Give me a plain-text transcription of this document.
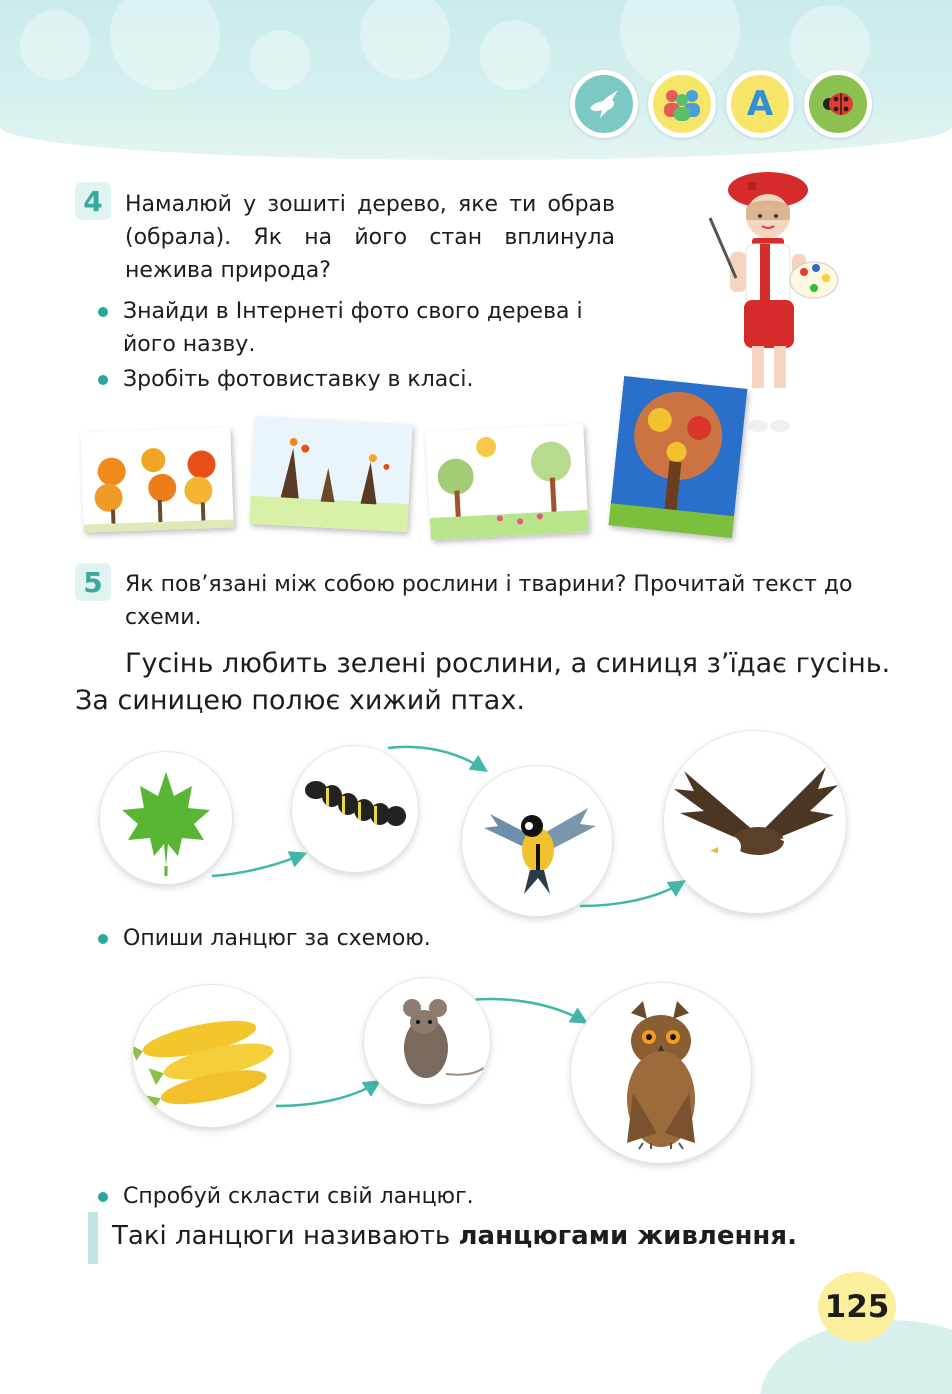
A
4	Намалюй у зошиті дерево, яке ти обрав (обрала). Як на його стан вплинула нежива природа?
Знайди в Інтернеті фото свого дерева і його назву.
Зробіть фотовиставку в класі.
5	Як пов’язані між собою рослини і тварини? Прочитай текст до схеми.
Гусінь любить зелені рослини, а синиця з’їдає гусінь.
За синицею полює хижий птах.
Опиши ланцюг за схемою.
Спробуй скласти свій ланцюг.
Такі ланцюги називають ланцюгами живлення.
125
